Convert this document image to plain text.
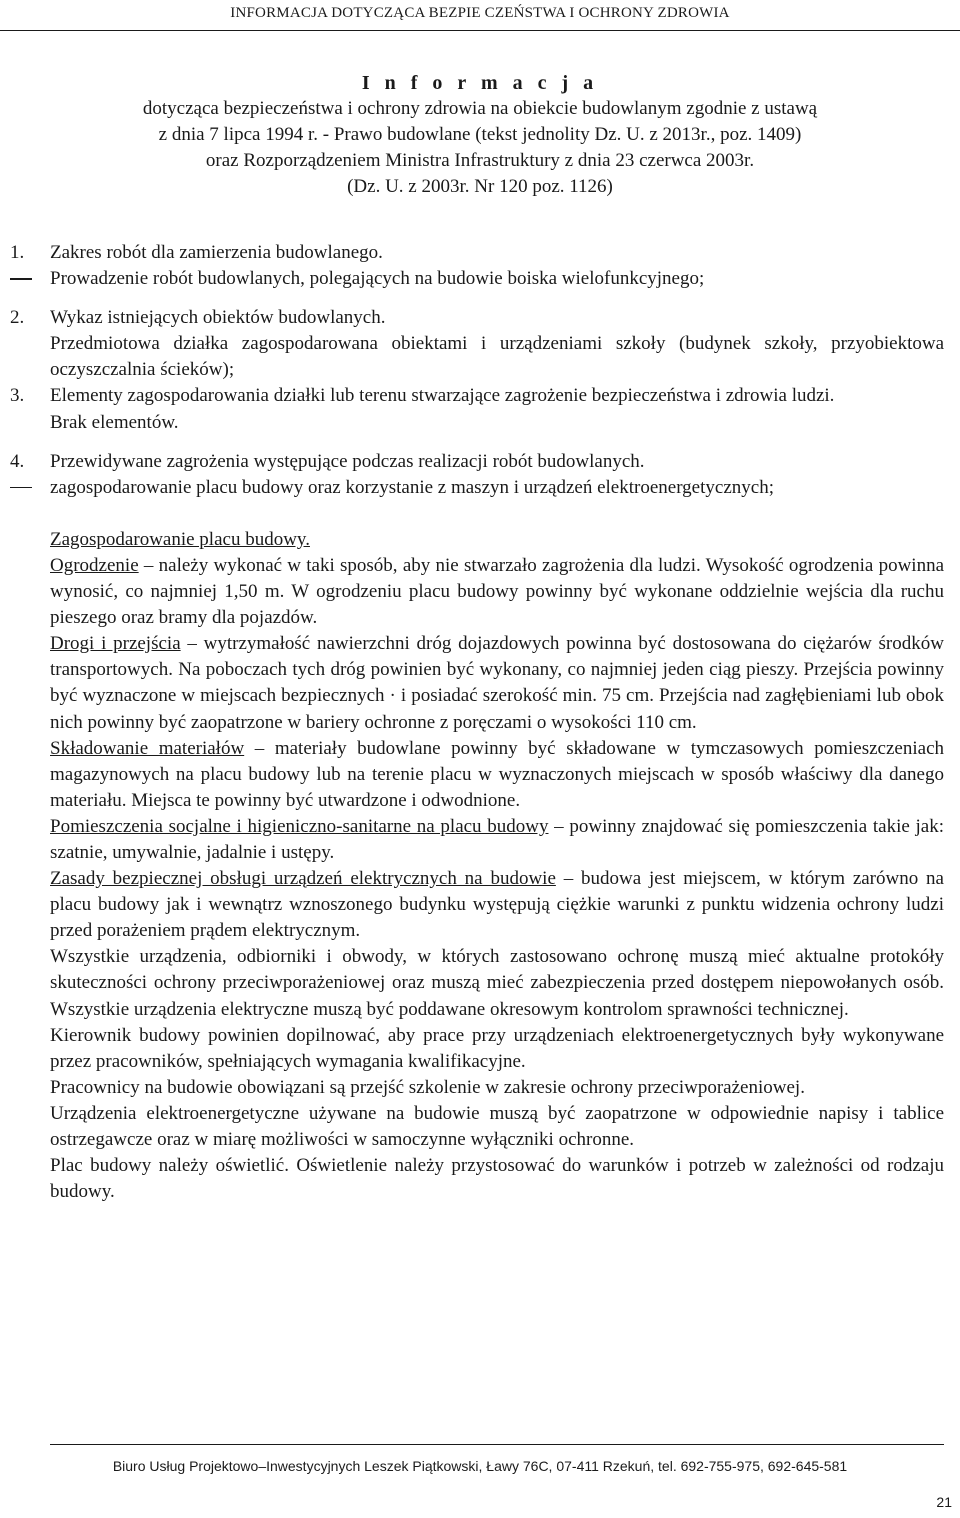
INFORMACJA DOTYCZĄCA BEZPIE CZEŃSTWA I OCHRONY ZDROWIA
I n f o r m a c j a
dotycząca bezpieczeństwa i ochrony zdrowia na obiekcie budowlanym zgodnie z ustawą
z dnia 7 lipca 1994 r. - Prawo budowlane (tekst jednolity Dz. U. z 2013r., poz. 1409)
oraz Rozporządzeniem Ministra Infrastruktury z dnia 23 czerwca 2003r.
(Dz. U. z 2003r. Nr 120 poz. 1126)
1. Zakres robót dla zamierzenia budowlanego.
Prowadzenie robót budowlanych, polegających na budowie boiska wielofunkcyjnego;
2. Wykaz istniejących obiektów budowlanych.
Przedmiotowa działka zagospodarowana obiektami i urządzeniami szkoły (budynek szkoły, przyobiektowa oczyszczalnia ścieków);
3. Elementy zagospodarowania działki lub terenu stwarzające zagrożenie bezpieczeństwa i zdrowia ludzi.
Brak elementów.
4. Przewidywane zagrożenia występujące podczas realizacji robót budowlanych.
zagospodarowanie placu budowy oraz korzystanie z maszyn i urządzeń elektroenergetycznych;
Zagospodarowanie placu budowy.
Ogrodzenie – należy wykonać w taki sposób, aby nie stwarzało zagrożenia dla ludzi. Wysokość ogrodzenia powinna wynosić, co najmniej 1,50 m. W ogrodzeniu placu budowy powinny być wykonane oddzielnie wejścia dla ruchu pieszego oraz bramy dla pojazdów.
Drogi i przejścia – wytrzymałość nawierzchni dróg dojazdowych powinna być dostosowana do ciężarów środków transportowych. Na poboczach tych dróg powinien być wykonany, co najmniej jeden ciąg pieszy. Przejścia powinny być wyznaczone w miejscach bezpiecznych · i posiadać szerokość min. 75 cm. Przejścia nad zagłębieniami lub obok nich powinny być zaopatrzone w bariery ochronne z poręczami o wysokości 110 cm.
Składowanie materiałów – materiały budowlane powinny być składowane w tymczasowych pomieszczeniach magazynowych na placu budowy lub na terenie placu w wyznaczonych miejscach w sposób właściwy dla danego materiału. Miejsca te powinny być utwardzone i odwodnione.
Pomieszczenia socjalne i higieniczno-sanitarne na placu budowy – powinny znajdować się pomieszczenia takie jak: szatnie, umywalnie, jadalnie i ustępy.
Zasady bezpiecznej obsługi urządzeń elektrycznych na budowie – budowa jest miejscem, w którym zarówno na placu budowy jak i wewnątrz wznoszonego budynku występują ciężkie warunki z punktu widzenia ochrony ludzi przed porażeniem prądem elektrycznym.
Wszystkie urządzenia, odbiorniki i obwody, w których zastosowano ochronę muszą mieć aktualne protokóły skuteczności ochrony przeciwporażeniowej oraz muszą mieć zabezpieczenia przed dostępem niepowołanych osób. Wszystkie urządzenia elektryczne muszą być poddawane okresowym kontrolom sprawności technicznej.
Kierownik budowy powinien dopilnować, aby prace przy urządzeniach elektroenergetycznych były wykonywane przez pracowników, spełniających wymagania kwalifikacyjne.
Pracownicy na budowie obowiązani są przejść szkolenie w zakresie ochrony przeciwporażeniowej.
Urządzenia elektroenergetyczne używane na budowie muszą być zaopatrzone w odpowiednie napisy i tablice ostrzegawcze oraz w miarę możliwości w samoczynne wyłączniki ochronne.
Plac budowy należy oświetlić. Oświetlenie należy przystosować do warunków i potrzeb w zależności od rodzaju budowy.
Biuro Usług Projektowo–Inwestycyjnych Leszek Piątkowski, Ławy 76C, 07-411 Rzekuń, tel. 692-755-975, 692-645-581
21
